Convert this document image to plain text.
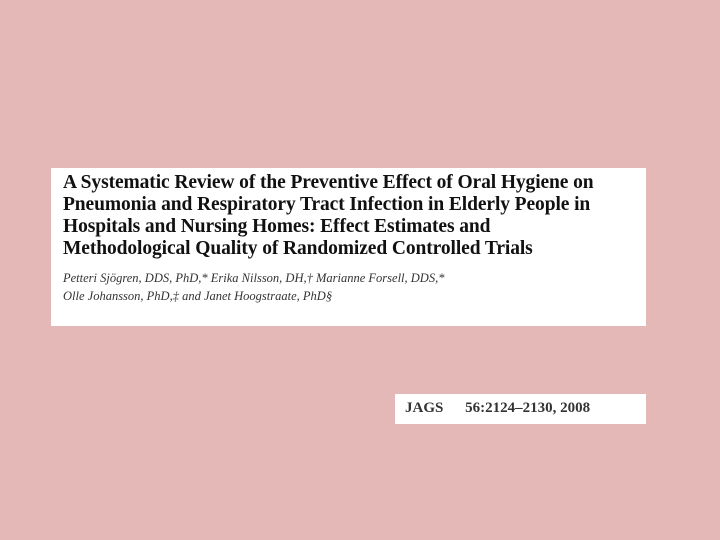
A Systematic Review of the Preventive Effect of Oral Hygiene on
Pneumonia and Respiratory Tract Infection in Elderly People in
Hospitals and Nursing Homes: Effect Estimates and
Methodological Quality of Randomized Controlled Trials
Petteri Sjögren, DDS, PhD,* Erika Nilsson, DH,† Marianne Forsell, DDS,*
Olle Johansson, PhD,‡ and Janet Hoogstraate, PhD§
JAGS 56:2124–2130, 2008
